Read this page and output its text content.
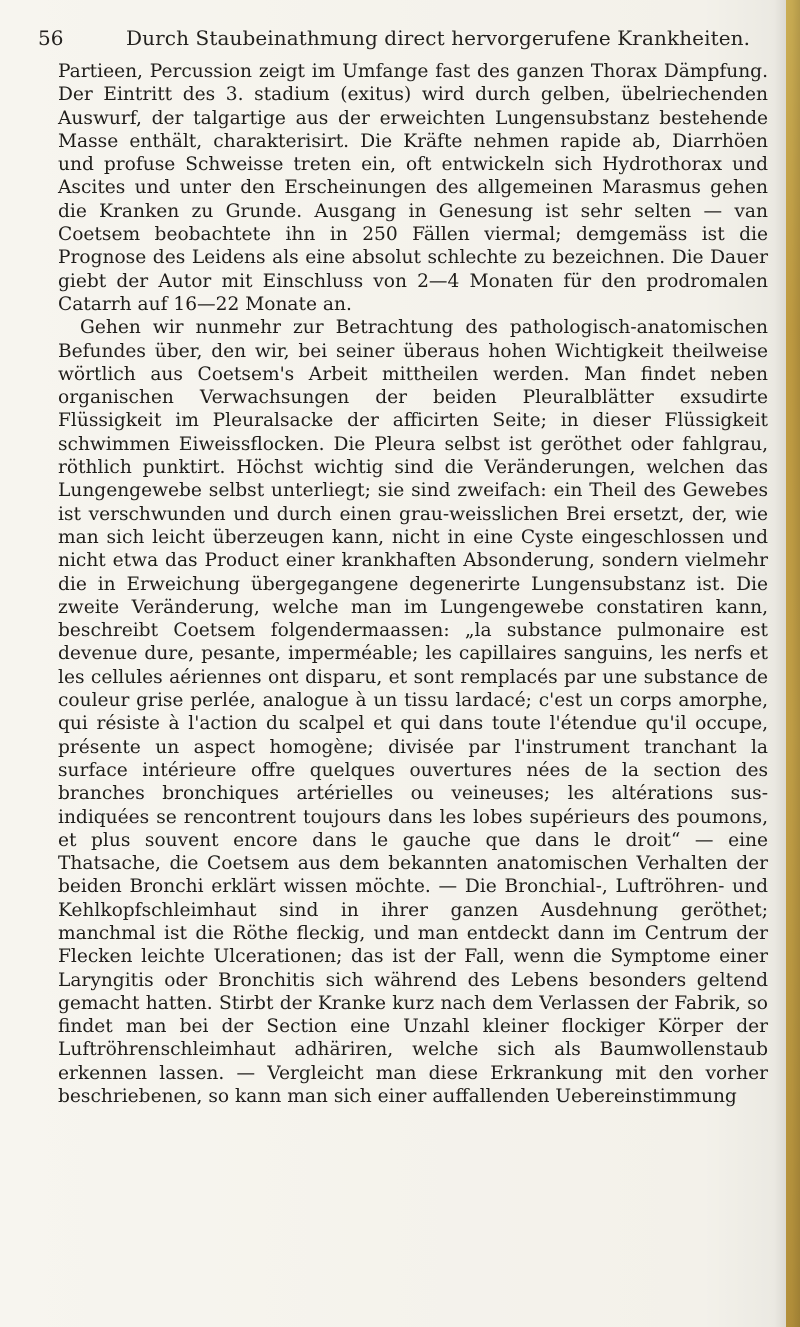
56	Durch Staubeinathmung direct hervorgerufene Krankheiten.

Partieen, Percussion zeigt im Umfange fast des ganzen Thorax Dämpfung. Der Eintritt des 3. stadium (exitus) wird durch gelben, übelriechenden Auswurf, der talgartige aus der erweichten Lungensubstanz bestehende Masse enthält, charakterisirt. Die Kräfte nehmen rapide ab, Diarrhöen und profuse Schweisse treten ein, oft entwickeln sich Hydrothorax und Ascites und unter den Erscheinungen des allgemeinen Marasmus gehen die Kranken zu Grunde. Ausgang in Genesung ist sehr selten — van Coetsem beobachtete ihn in 250 Fällen viermal; demgemäss ist die Prognose des Leidens als eine absolut schlechte zu bezeichnen. Die Dauer giebt der Autor mit Einschluss von 2—4 Monaten für den prodromalen Catarrh auf 16—22 Monate an.

Gehen wir nunmehr zur Betrachtung des pathologisch-anatomischen Befundes über, den wir, bei seiner überaus hohen Wichtigkeit theilweise wörtlich aus Coetsem's Arbeit mittheilen werden. Man findet neben organischen Verwachsungen der beiden Pleuralblätter exsudirte Flüssigkeit im Pleuralsacke der afficirten Seite; in dieser Flüssigkeit schwimmen Eiweissflocken. Die Pleura selbst ist geröthet oder fahlgrau, röthlich punktirt. Höchst wichtig sind die Veränderungen, welchen das Lungengewebe selbst unterliegt; sie sind zweifach: ein Theil des Gewebes ist verschwunden und durch einen grau-weisslichen Brei ersetzt, der, wie man sich leicht überzeugen kann, nicht in eine Cyste eingeschlossen und nicht etwa das Product einer krankhaften Absonderung, sondern vielmehr die in Erweichung übergegangene degenerirte Lungensubstanz ist. Die zweite Veränderung, welche man im Lungengewebe constatiren kann, beschreibt Coetsem folgendermaassen: „la substance pulmonaire est devenue dure, pesante, imperméable; les capillaires sanguins, les nerfs et les cellules aériennes ont disparu, et sont remplacés par une substance de couleur grise perlée, analogue à un tissu lardacé; c'est un corps amorphe, qui résiste à l'action du scalpel et qui dans toute l'étendue qu'il occupe, présente un aspect homogène; divisée par l'instrument tranchant la surface intérieure offre quelques ouvertures nées de la section des branches bronchiques artérielles ou veineuses; les altérations sus-indiquées se rencontrent toujours dans les lobes supérieurs des poumons, et plus souvent encore dans le gauche que dans le droit“ — eine Thatsache, die Coetsem aus dem bekannten anatomischen Verhalten der beiden Bronchi erklärt wissen möchte. — Die Bronchial-, Luftröhren- und Kehlkopfschleimhaut sind in ihrer ganzen Ausdehnung geröthet; manchmal ist die Röthe fleckig, und man entdeckt dann im Centrum der Flecken leichte Ulcerationen; das ist der Fall, wenn die Symptome einer Laryngitis oder Bronchitis sich während des Lebens besonders geltend gemacht hatten. Stirbt der Kranke kurz nach dem Verlassen der Fabrik, so findet man bei der Section eine Unzahl kleiner flockiger Körper der Luftröhrenschleimhaut adhäriren, welche sich als Baumwollenstaub erkennen lassen. — Vergleicht man diese Erkrankung mit den vorher beschriebenen, so kann man sich einer auffallenden Uebereinstimmung
